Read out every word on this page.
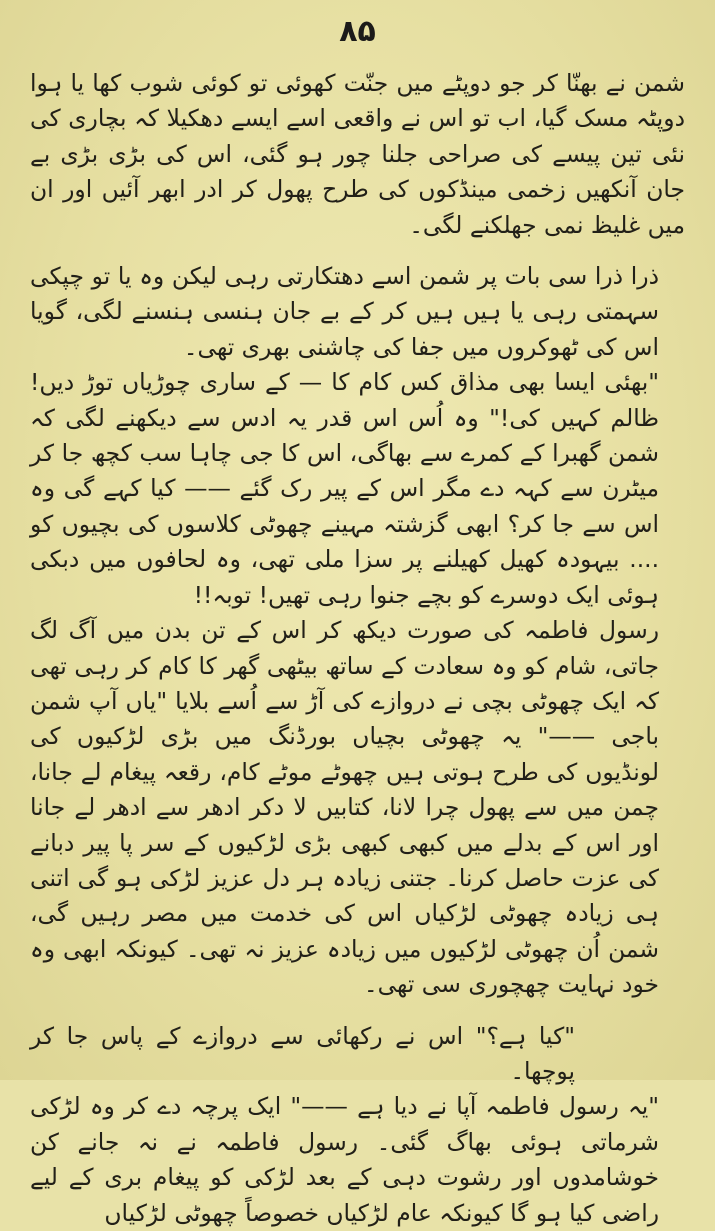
۸۵

شمن نے بھنّا کر جو دوپٹے میں جنّت کھوئی تو کوئی شوب کھا یا ہوا دوپٹہ مسک گیا، اب تو اس نے واقعی اسے ایسے دھکیلا کہ بچاری کی نئی تین پیسے کی صراحی جلنا چور ہو گئی، اس کی بڑی بڑی بے جان آنکھیں زخمی مینڈکوں کی طرح پھول کر ادر ابھر آئیں اور ان میں غلیظ نمی جھلکنے لگی۔

ذرا ذرا سی بات پر شمن اسے دھتکارتی رہی لیکن وہ یا تو چپکی سہمتی رہی یا ہیں ہیں کر کے بے جان ہنسی ہنسنے لگی، گویا اس کی ٹھوکروں میں جفا کی چاشنی بھری تھی۔

"بھئی ایسا بھی مذاق کس کام کا — کے ساری چوڑیاں توڑ دیں! ظالم کہیں کی!" وہ اُس اس قدر یہ ادس سے دیکھنے لگی کہ شمن گھبرا کے کمرے سے بھاگی، اس کا جی چاہا سب کچھ جا کر میٹرن سے کہہ دے مگر اس کے پیر رک گئے —— کیا کہے گی وہ اس سے جا کر؟ ابھی گزشتہ مہینے چھوٹی کلاسوں کی بچیوں کو .... بیہودہ کھیل کھیلنے پر سزا ملی تھی، وہ لحافوں میں دبکی ہوئی ایک دوسرے کو بچے جنوا رہی تھیں! توبہ!!

رسول فاطمہ کی صورت دیکھ کر اس کے تن بدن میں آگ لگ جاتی، شام کو وہ سعادت کے ساتھ بیٹھی گھر کا کام کر رہی تھی کہ ایک چھوٹی بچی نے دروازے کی آڑ سے اُسے بلایا "یاں آپ شمن باجی ——" یہ چھوٹی بچیاں بورڈنگ میں بڑی لڑکیوں کی لونڈیوں کی طرح ہوتی ہیں چھوٹے موٹے کام، رقعہ پیغام لے جانا، چمن میں سے پھول چرا لانا، کتابیں لا دکر ادھر سے ادھر لے جانا اور اس کے بدلے میں کبھی کبھی بڑی لڑکیوں کے سر پا پیر دبانے کی عزت حاصل کرنا۔ جتنی زیادہ ہر دل عزیز لڑکی ہو گی اتنی ہی زیادہ چھوٹی لڑکیاں اس کی خدمت میں مصر رہیں گی، شمن اُن چھوٹی لڑکیوں میں زیادہ عزیز نہ تھی۔ کیونکہ ابھی وہ خود نہایت چھچوری سی تھی۔

"کیا ہے؟" اس نے رکھائی سے دروازے کے پاس جا کر پوچھا۔

"یہ رسول فاطمہ آپا نے دیا ہے ——" ایک پرچہ دے کر وہ لڑکی شرماتی ہوئی بھاگ گئی۔ رسول فاطمہ نے نہ جانے کن خوشامدوں اور رشوت دہی کے بعد لڑکی کو پیغام بری کے لیے راضی کیا ہو گا کیونکہ عام لڑکیاں خصوصاً چھوٹی لڑکیاں
